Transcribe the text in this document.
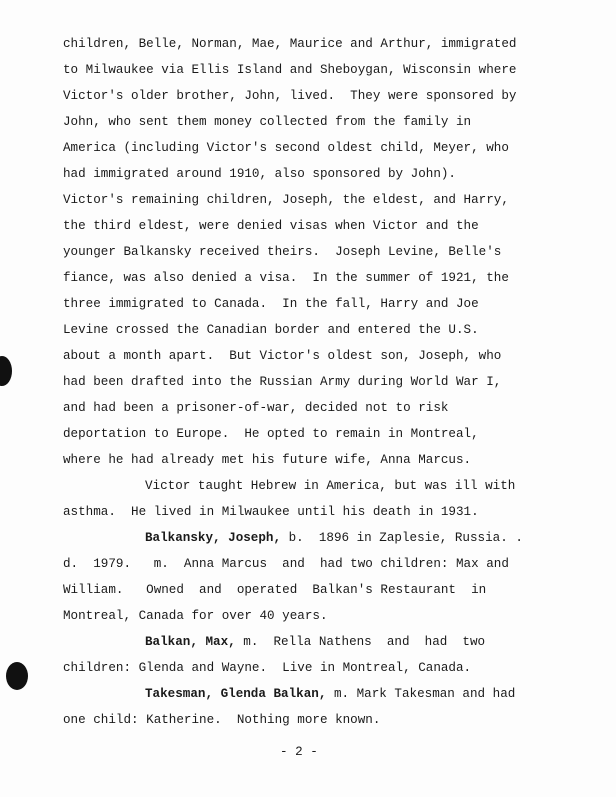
children, Belle, Norman, Mae, Maurice and Arthur, immigrated
to Milwaukee via Ellis Island and Sheboygan, Wisconsin where
Victor's older brother, John, lived.  They were sponsored by
John, who sent them money collected from the family in
America (including Victor's second oldest child, Meyer, who
had immigrated around 1910, also sponsored by John).
Victor's remaining children, Joseph, the eldest, and Harry,
the third eldest, were denied visas when Victor and the
younger Balkansky received theirs.  Joseph Levine, Belle's
fiance, was also denied a visa.  In the summer of 1921, the
three immigrated to Canada.  In the fall, Harry and Joe
Levine crossed the Canadian border and entered the U.S.
about a month apart.  But Victor's oldest son, Joseph, who
had been drafted into the Russian Army during World War I,
and had been a prisoner-of-war, decided not to risk
deportation to Europe.  He opted to remain in Montreal,
where he had already met his future wife, Anna Marcus.
Victor taught Hebrew in America, but was ill with
asthma.  He lived in Milwaukee until his death in 1931.
Balkansky, Joseph, b.  1896 in Zaplesie, Russia. .
d.  1979.   m.  Anna Marcus  and  had two children: Max and
William.   Owned  and  operated  Balkan's Restaurant  in
Montreal, Canada for over 40 years.
Balkan, Max, m.  Rella Nathens  and  had  two
children: Glenda and Wayne.  Live in Montreal, Canada.
Takesman, Glenda Balkan, m. Mark Takesman and had
one child: Katherine.  Nothing more known.
- 2 -
